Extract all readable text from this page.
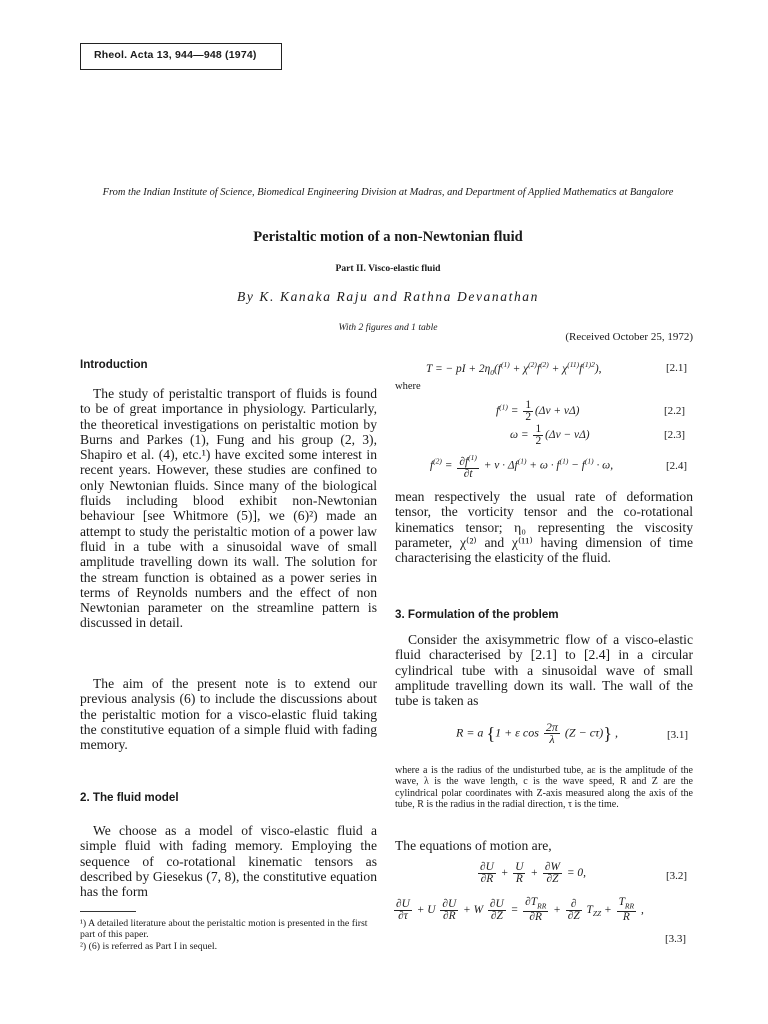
Rheol. Acta 13, 944—948 (1974)
From the Indian Institute of Science, Biomedical Engineering Division at Madras, and Department of Applied Mathematics at Bangalore
Peristaltic motion of a non-Newtonian fluid
Part II. Visco-elastic fluid
By K. Kanaka Raju and Rathna Devanathan
With 2 figures and 1 table
(Received October 25, 1972)
Introduction
The study of peristaltic transport of fluids is found to be of great importance in physiology. Particularly, the theoretical investigations on peristaltic motion by Burns and Parkes (1), Fung and his group (2, 3), Shapiro et al. (4), etc.¹) have excited some interest in recent years. However, these studies are confined to only Newtonian fluids. Since many of the biological fluids including blood exhibit non-Newtonian behaviour [see Whitmore (5)], we (6)²) made an attempt to study the peristaltic motion of a power law fluid in a tube with a sinusoidal wave of small amplitude travelling down its wall. The solution for the stream function is obtained as a power series in terms of Reynolds numbers and the effect of non Newtonian parameter on the streamline pattern is discussed in detail.
The aim of the present note is to extend our previous analysis (6) to include the discussions about the peristaltic motion for a visco-elastic fluid taking the constitutive equation of a simple fluid with fading memory.
2. The fluid model
We choose as a model of visco-elastic fluid a simple fluid with fading memory. Employing the sequence of co-rotational kinematic tensors as described by Giesekus (7, 8), the constitutive equation has the form
¹) A detailed literature about the peristaltic motion is presented in the first part of this paper.
²) (6) is referred as Part I in sequel.
T = − pI + $2\eta_0(f^{(1)} + \chi^{(2)}f^{(2)} + \chi^{(11)}f^{(1)2})$,	[2.1]
where
$f^{(1)} = \frac{1}{2} (\Delta v + v\Delta)$	[2.2]
$\omega = \frac{1}{2} (\Delta v - v\Delta)$	[2.3]
$f^{(2)} = \frac{\partial f^{(1)}}{\partial t} + v \cdot \Delta f^{(1)} + \omega \cdot f^{(1)} - f^{(1)} \cdot \omega$,	[2.4]
mean respectively the usual rate of deformation tensor, the vorticity tensor and the co-rotational kinematics tensor; η₀ representing the viscosity parameter, χ⁽²⁾ and χ⁽¹¹⁾ having dimension of time characterising the elasticity of the fluid.
3. Formulation of the problem
Consider the axisymmetric flow of a visco-elastic fluid characterised by [2.1] to [2.4] in a circular cylindrical tube with a sinusoidal wave of small amplitude travelling down its wall. The wall of the tube is taken as
R = a {1 + ε $\cos \frac{2\pi}{\lambda} (Z - c\tau)$} ,	[3.1]
where a is the radius of the undisturbed tube, aε is the amplitude of the wave, λ is the wave length, c is the wave speed, R and Z are the cylindrical polar coordinates with Z-axis measured along the axis of the tube, R is the radius in the radial direction, τ is the time.
The equations of motion are,
$\frac{\partial U}{\partial R} + \frac{U}{R} + \frac{\partial W}{\partial Z} = 0$,	[3.2]
$\frac{\partial U}{\partial\tau} + U \frac{\partial U}{\partial R} + W \frac{\partial U}{\partial Z} = \frac{\partial T_{RR}}{\partial R} + \frac{\partial}{\partial Z} T_{ZZ} + \frac{T_{RR}}{R}$ ,
[3.3]
